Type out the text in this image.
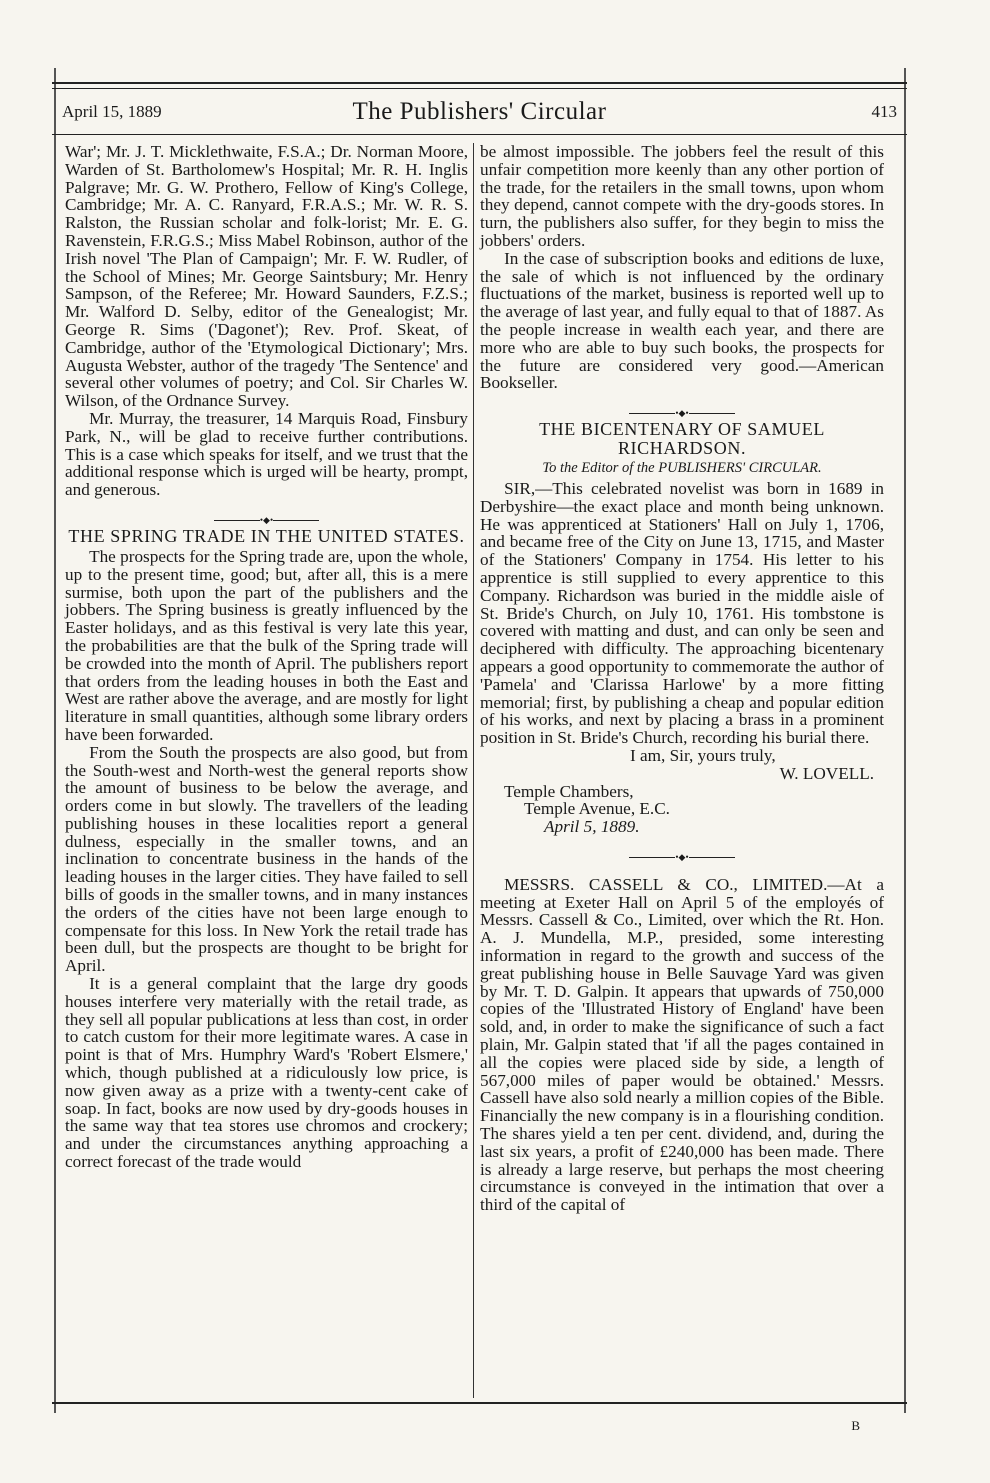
April 15, 1889	The Publishers' Circular	413

War'; Mr. J. T. Micklethwaite, F.S.A.; Dr. Norman Moore, Warden of St. Bartholomew's Hospital; Mr. R. H. Inglis Palgrave; Mr. G. W. Prothero, Fellow of King's College, Cambridge; Mr. A. C. Ranyard, F.R.A.S.; Mr. W. R. S. Ralston, the Russian scholar and folk-lorist; Mr. E. G. Ravenstein, F.R.G.S.; Miss Mabel Robinson, author of the Irish novel 'The Plan of Campaign'; Mr. F. W. Rudler, of the School of Mines; Mr. George Saintsbury; Mr. Henry Sampson, of the Referee; Mr. Howard Saunders, F.Z.S.; Mr. Walford D. Selby, editor of the Genealogist; Mr. George R. Sims ('Dagonet'); Rev. Prof. Skeat, of Cambridge, author of the 'Etymological Dictionary'; Mrs. Augusta Webster, author of the tragedy 'The Sentence' and several other volumes of poetry; and Col. Sir Charles W. Wilson, of the Ordnance Survey.

Mr. Murray, the treasurer, 14 Marquis Road, Finsbury Park, N., will be glad to receive further contributions. This is a case which speaks for itself, and we trust that the additional response which is urged will be hearty, prompt, and generous.

•◆•
THE SPRING TRADE IN THE UNITED STATES.

The prospects for the Spring trade are, upon the whole, up to the present time, good; but, after all, this is a mere surmise, both upon the part of the publishers and the jobbers. The Spring business is greatly influenced by the Easter holidays, and as this festival is very late this year, the probabilities are that the bulk of the Spring trade will be crowded into the month of April. The publishers report that orders from the leading houses in both the East and West are rather above the average, and are mostly for light literature in small quantities, although some library orders have been forwarded.

From the South the prospects are also good, but from the South-west and North-west the general reports show the amount of business to be below the average, and orders come in but slowly. The travellers of the leading publishing houses in these localities report a general dulness, especially in the smaller towns, and an inclination to concentrate business in the hands of the leading houses in the larger cities. They have failed to sell bills of goods in the smaller towns, and in many instances the orders of the cities have not been large enough to compensate for this loss. In New York the retail trade has been dull, but the prospects are thought to be bright for April.

It is a general complaint that the large dry goods houses interfere very materially with the retail trade, as they sell all popular publications at less than cost, in order to catch custom for their more legitimate wares. A case in point is that of Mrs. Humphry Ward's 'Robert Elsmere,' which, though published at a ridiculously low price, is now given away as a prize with a twenty-cent cake of soap. In fact, books are now used by dry-goods houses in the same way that tea stores use chromos and crockery; and under the circumstances anything approaching a correct forecast of the trade would

be almost impossible. The jobbers feel the result of this unfair competition more keenly than any other portion of the trade, for the retailers in the small towns, upon whom they depend, cannot compete with the dry-goods stores. In turn, the publishers also suffer, for they begin to miss the jobbers' orders.

In the case of subscription books and editions de luxe, the sale of which is not influenced by the ordinary fluctuations of the market, business is reported well up to the average of last year, and fully equal to that of 1887. As the people increase in wealth each year, and there are more who are able to buy such books, the prospects for the future are considered very good.—American Bookseller.

•◆•
THE BICENTENARY OF SAMUEL RICHARDSON.
To the Editor of the PUBLISHERS' CIRCULAR.

SIR,—This celebrated novelist was born in 1689 in Derbyshire—the exact place and month being unknown. He was apprenticed at Stationers' Hall on July 1, 1706, and became free of the City on June 13, 1715, and Master of the Stationers' Company in 1754. His letter to his apprentice is still supplied to every apprentice to this Company. Richardson was buried in the middle aisle of St. Bride's Church, on July 10, 1761. His tombstone is covered with matting and dust, and can only be seen and deciphered with difficulty. The approaching bicentenary appears a good opportunity to commemorate the author of 'Pamela' and 'Clarissa Harlowe' by a more fitting memorial; first, by publishing a cheap and popular edition of his works, and next by placing a brass in a prominent position in St. Bride's Church, recording his burial there.

I am, Sir, yours truly,

W. LOVELL.

Temple Chambers,

Temple Avenue, E.C.

April 5, 1889.

•◆•

MESSRS. CASSELL & CO., LIMITED.—At a meeting at Exeter Hall on April 5 of the employés of Messrs. Cassell & Co., Limited, over which the Rt. Hon. A. J. Mundella, M.P., presided, some interesting information in regard to the growth and success of the great publishing house in Belle Sauvage Yard was given by Mr. T. D. Galpin. It appears that upwards of 750,000 copies of the 'Illustrated History of England' have been sold, and, in order to make the significance of such a fact plain, Mr. Galpin stated that 'if all the pages contained in all the copies were placed side by side, a length of 567,000 miles of paper would be obtained.' Messrs. Cassell have also sold nearly a million copies of the Bible. Financially the new company is in a flourishing condition. The shares yield a ten per cent. dividend, and, during the last six years, a profit of £240,000 has been made. There is already a large reserve, but perhaps the most cheering circumstance is conveyed in the intimation that over a third of the capital of

B
